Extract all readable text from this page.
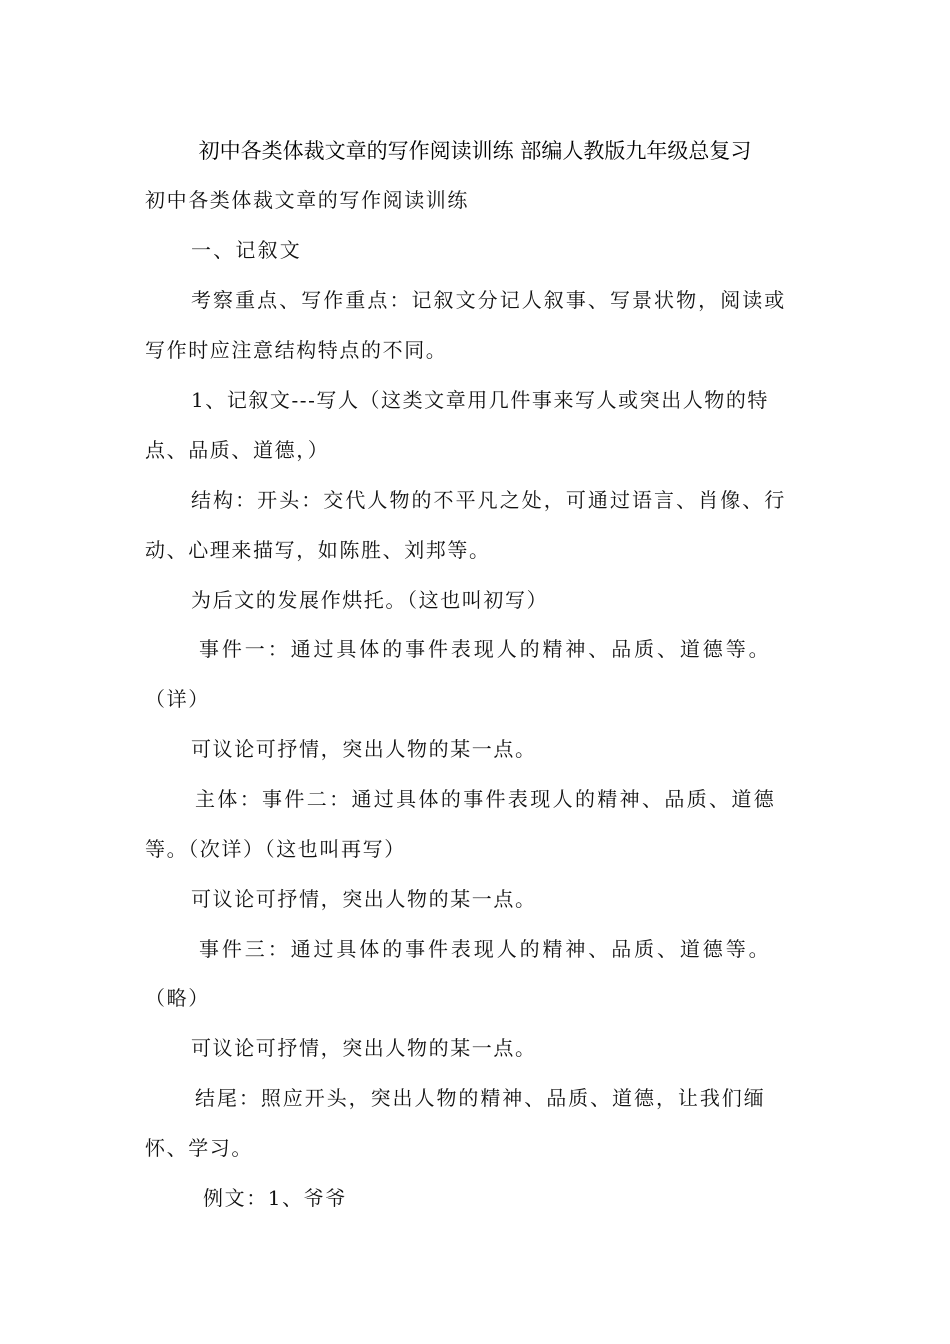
初中各类体裁文章的写作阅读训练 部编人教版九年级总复习
初中各类体裁文章的写作阅读训练
一、记叙文
考察重点、写作重点：记叙文分记人叙事、写景状物，阅读或
写作时应注意结构特点的不同。
1、记叙文---写人（这类文章用几件事来写人或突出人物的特
点、品质、道德，）
结构：开头：交代人物的不平凡之处，可通过语言、肖像、行
动、心理来描写，如陈胜、刘邦等。
为后文的发展作烘托。（这也叫初写）
事件一：通过具体的事件表现人的精神、品质、道德等。
（详）
可议论可抒情，突出人物的某一点。
主体：事件二：通过具体的事件表现人的精神、品质、道德
等。（次详）（这也叫再写）
可议论可抒情，突出人物的某一点。
事件三：通过具体的事件表现人的精神、品质、道德等。
（略）
可议论可抒情，突出人物的某一点。
结尾：照应开头，突出人物的精神、品质、道德，让我们缅
怀、学习。
例文：1、爷爷
